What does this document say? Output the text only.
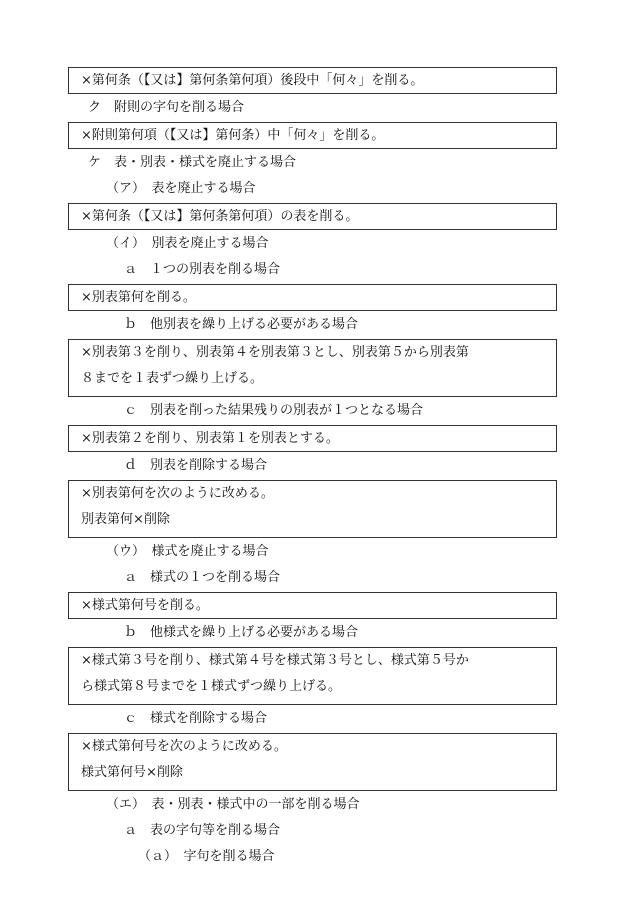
×第何条（【又は】第何条第何項）後段中「何々」を削る。
ク　附則の字句を削る場合
×附則第何項（【又は】第何条）中「何々」を削る。
ケ　表・別表・様式を廃止する場合
（ア）　表を廃止する場合
×第何条（【又は】第何条第何項）の表を削る。
（イ）　別表を廃止する場合
ａ　１つの別表を削る場合
×別表第何を削る。
ｂ　他別表を繰り上げる必要がある場合
×別表第３を削り、別表第４を別表第３とし、別表第５から別表第
８までを１表ずつ繰り上げる。
ｃ　別表を削った結果残りの別表が１つとなる場合
×別表第２を削り、別表第１を別表とする。
ｄ　別表を削除する場合
×別表第何を次のように改める。
別表第何×削除
（ウ）　様式を廃止する場合
ａ　様式の１つを削る場合
×様式第何号を削る。
ｂ　他様式を繰り上げる必要がある場合
×様式第３号を削り、様式第４号を様式第３号とし、様式第５号か
ら様式第８号までを１様式ずつ繰り上げる。
ｃ　様式を削除する場合
×様式第何号を次のように改める。
様式第何号×削除
（エ）　表・別表・様式中の一部を削る場合
ａ　表の字句等を削る場合
（ａ）　字句を削る場合
